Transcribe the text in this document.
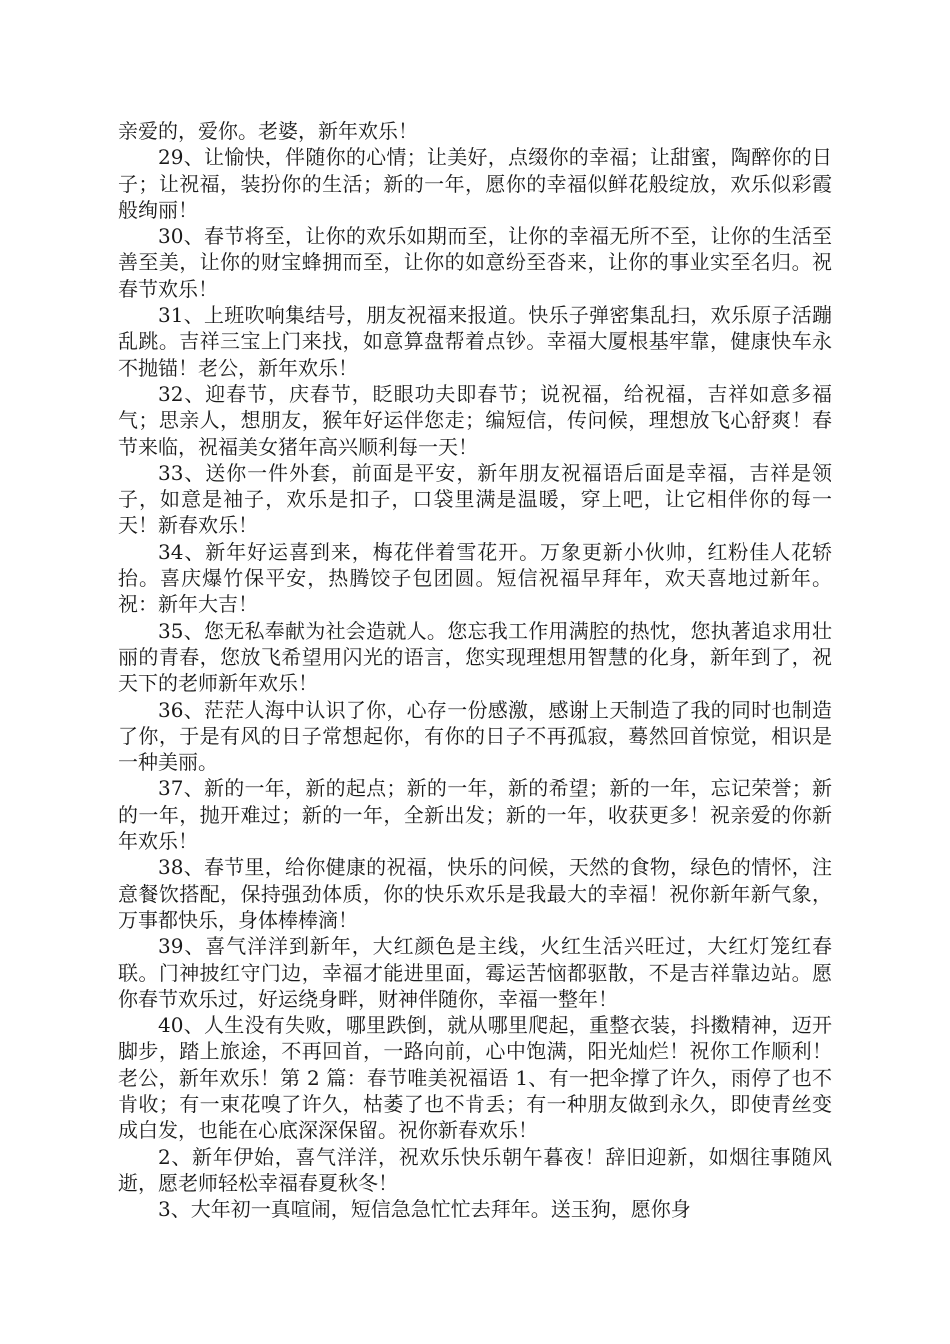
亲爱的，爱你。老婆，新年欢乐！

29、让愉快，伴随你的心情；让美好，点缀你的幸福；让甜蜜，陶醉你的日子；让祝福，装扮你的生活；新的一年，愿你的幸福似鲜花般绽放，欢乐似彩霞般绚丽！

30、春节将至，让你的欢乐如期而至，让你的幸福无所不至，让你的生活至善至美，让你的财宝蜂拥而至，让你的如意纷至沓来，让你的事业实至名归。祝春节欢乐！

31、上班吹响集结号，朋友祝福来报道。快乐子弹密集乱扫，欢乐原子活蹦乱跳。吉祥三宝上门来找，如意算盘帮着点钞。幸福大厦根基牢靠，健康快车永不抛锚！老公，新年欢乐！

32、迎春节，庆春节，眨眼功夫即春节；说祝福，给祝福，吉祥如意多福气；思亲人，想朋友，猴年好运伴您走；编短信，传问候，理想放飞心舒爽！春节来临，祝福美女猪年高兴顺利每一天！

33、送你一件外套，前面是平安，新年朋友祝福语后面是幸福，吉祥是领子，如意是袖子，欢乐是扣子，口袋里满是温暖，穿上吧，让它相伴你的每一天！新春欢乐！

34、新年好运喜到来，梅花伴着雪花开。万象更新小伙帅，红粉佳人花轿抬。喜庆爆竹保平安，热腾饺子包团圆。短信祝福早拜年，欢天喜地过新年。祝：新年大吉！

35、您无私奉献为社会造就人。您忘我工作用满腔的热忱，您执著追求用壮丽的青春，您放飞希望用闪光的语言，您实现理想用智慧的化身，新年到了，祝天下的老师新年欢乐！

36、茫茫人海中认识了你，心存一份感激，感谢上天制造了我的同时也制造了你，于是有风的日子常想起你，有你的日子不再孤寂，蓦然回首惊觉，相识是一种美丽。

37、新的一年，新的起点；新的一年，新的希望；新的一年，忘记荣誉；新的一年，抛开难过；新的一年，全新出发；新的一年，收获更多！祝亲爱的你新年欢乐！

38、春节里，给你健康的祝福，快乐的问候，天然的食物，绿色的情怀，注意餐饮搭配，保持强劲体质，你的快乐欢乐是我最大的幸福！祝你新年新气象，万事都快乐，身体棒棒滴！

39、喜气洋洋到新年，大红颜色是主线，火红生活兴旺过，大红灯笼红春联。门神披红守门边，幸福才能进里面，霉运苦恼都驱散，不是吉祥靠边站。愿你春节欢乐过，好运绕身畔，财神伴随你，幸福一整年！

40、人生没有失败，哪里跌倒，就从哪里爬起，重整衣装，抖擞精神，迈开脚步，踏上旅途，不再回首，一路向前，心中饱满，阳光灿烂！祝你工作顺利！老公，新年欢乐！第 2 篇：春节唯美祝福语 1、有一把伞撑了许久，雨停了也不肯收；有一束花嗅了许久，枯萎了也不肯丢；有一种朋友做到永久，即使青丝变成白发，也能在心底深深保留。祝你新春欢乐！

2、新年伊始，喜气洋洋，祝欢乐快乐朝午暮夜！辞旧迎新，如烟往事随风逝，愿老师轻松幸福春夏秋冬！

3、大年初一真喧闹，短信急急忙忙去拜年。送玉狗，愿你身
